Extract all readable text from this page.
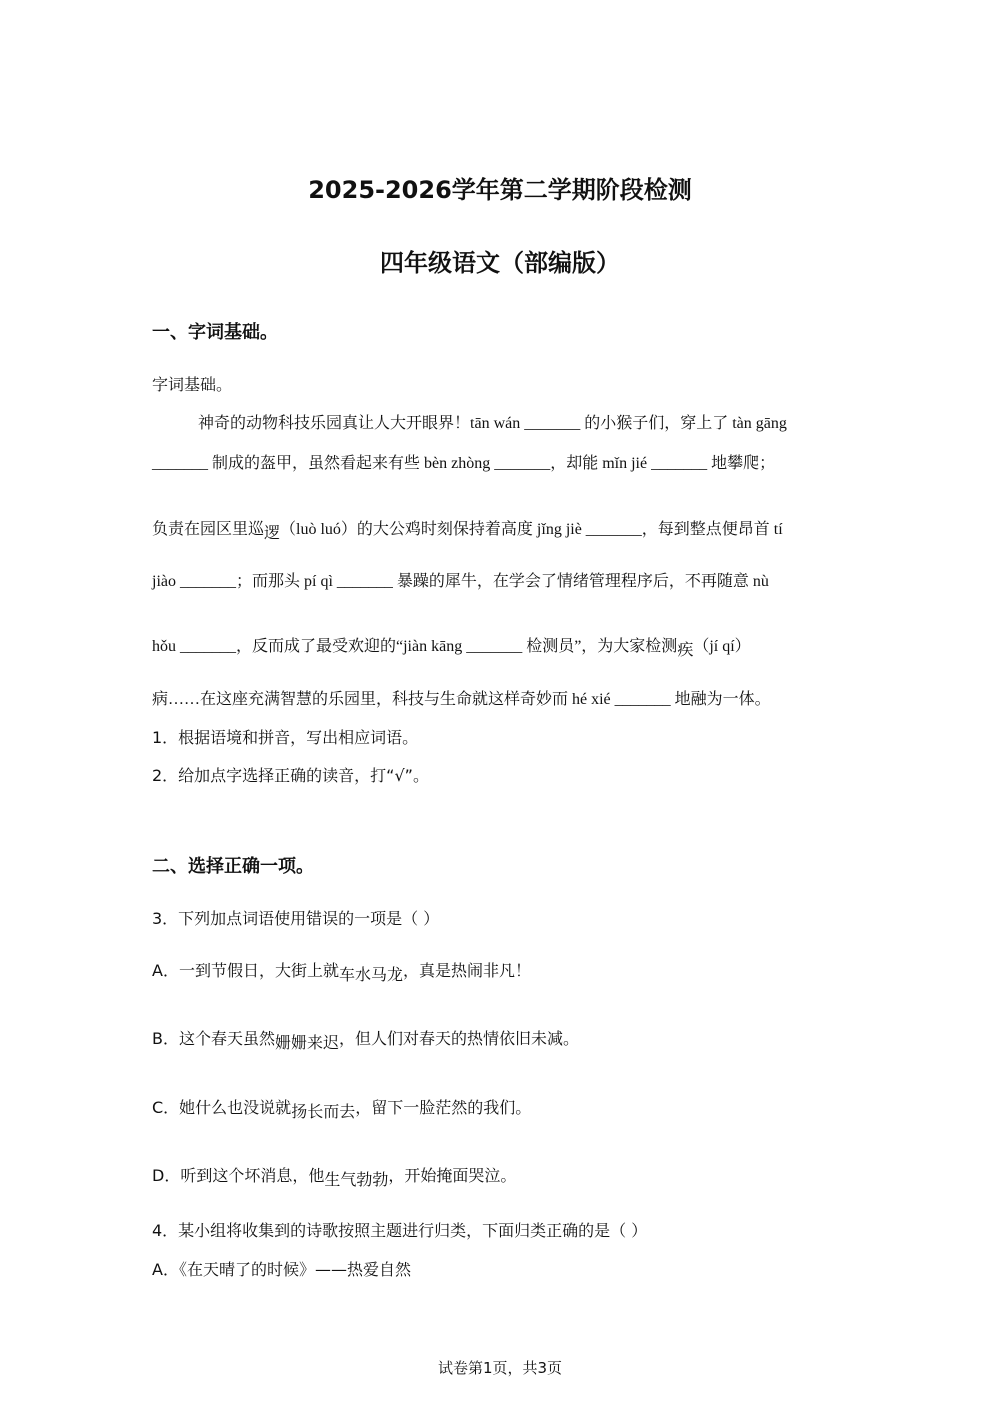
2025-2026学年第二学期阶段检测
四年级语文（部编版）
一、字词基础。
字词基础。
神奇的动物科技乐园真让人大开眼界！tān wán _______ 的小猴子们，穿上了 tàn gāng
_______ 制成的盔甲，虽然看起来有些 bèn zhòng _______，却能 mǐn jié _______ 地攀爬；
负责在园区里巡逻（luò luó）的大公鸡时刻保持着高度 jǐng jiè _______，每到整点便昂首 tí
jiào _______；而那头 pí qì _______ 暴躁的犀牛，在学会了情绪管理程序后，不再随意 nù
hǒu _______，反而成了最受欢迎的“jiàn kāng _______ 检测员”，为大家检测疾（jí qí）
病……在这座充满智慧的乐园里，科技与生命就这样奇妙而 hé xié _______ 地融为一体。
1．根据语境和拼音，写出相应词语。
2．给加点字选择正确的读音，打“√”。
二、选择正确一项。
3．下列加点词语使用错误的一项是（ ）
A．一到节假日，大街上就车水马龙，真是热闹非凡！
B．这个春天虽然姗姗来迟，但人们对春天的热情依旧未减。
C．她什么也没说就扬长而去，留下一脸茫然的我们。
D．听到这个坏消息，他生气勃勃，开始掩面哭泣。
4．某小组将收集到的诗歌按照主题进行归类，下面归类正确的是（ ）
A．《在天晴了的时候》——热爱自然
试卷第1页，共3页
